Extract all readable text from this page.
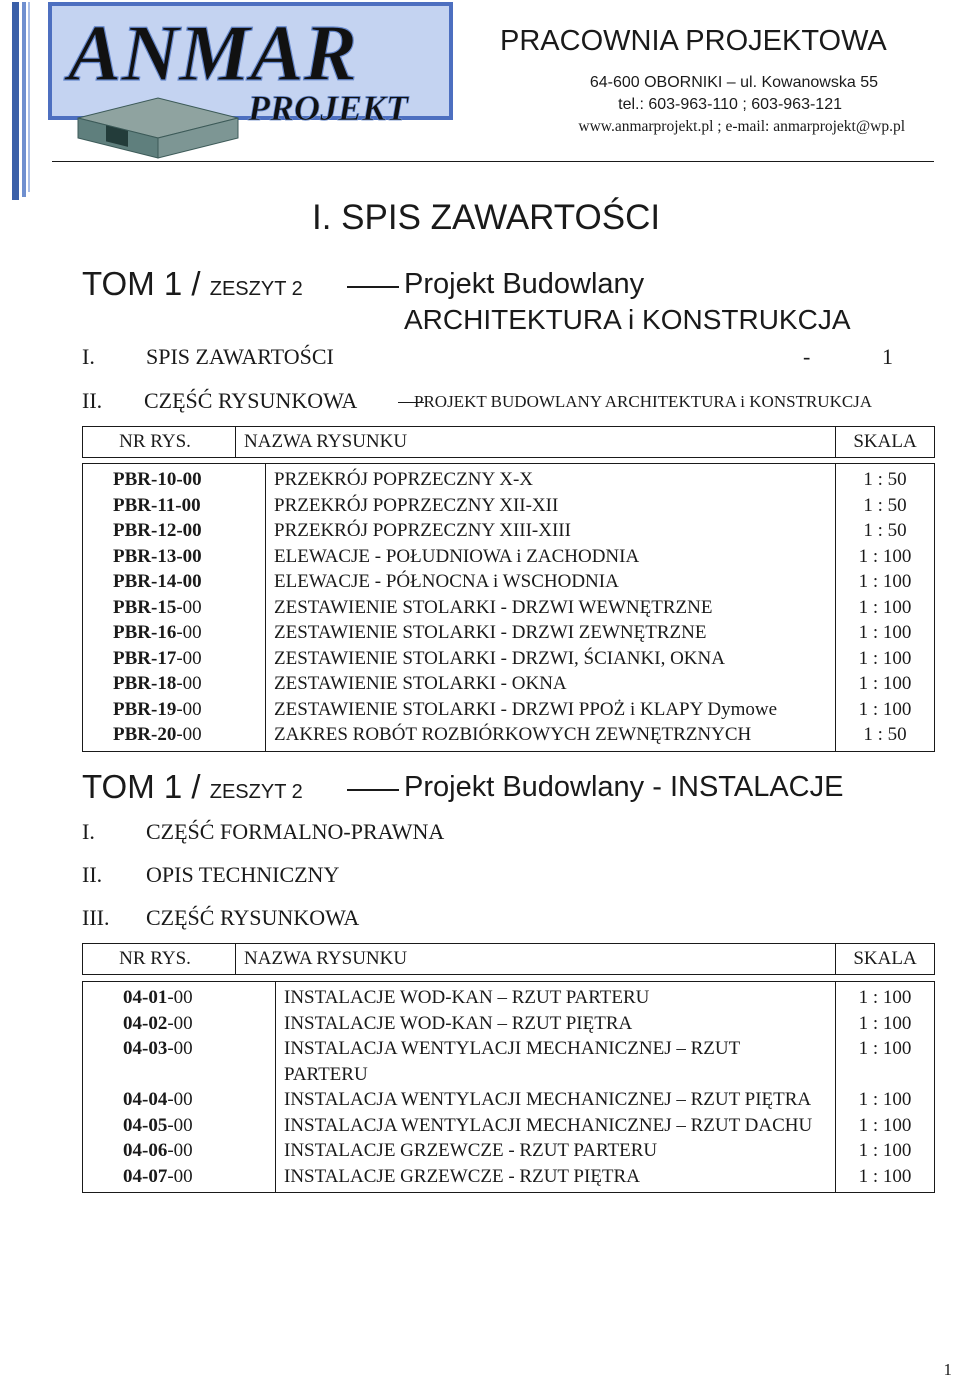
ANMAR
PROJEKT
PRACOWNIA PROJEKTOWA
64-600 OBORNIKI – ul. Kowanowska 55
tel.: 603-963-110 ; 603-963-121
www.anmarprojekt.pl ; e-mail: anmarprojekt@wp.pl
I. SPIS ZAWARTOŚCI
TOM 1 / ZESZYT 2	Projekt Budowlany
ARCHITEKTURA i KONSTRUKCJA
I. SPIS ZAWARTOŚCI	-	1
II. CZĘŚĆ RYSUNKOWA	PROJEKT BUDOWLANY ARCHITEKTURA i KONSTRUKCJA
NR RYS.	NAZWA RYSUNKU	SKALA
PBR-10-00	PRZEKRÓJ POPRZECZNY X-X	1 : 50
PBR-11-00	PRZEKRÓJ POPRZECZNY XII-XII	1 : 50
PBR-12-00	PRZEKRÓJ POPRZECZNY XIII-XIII	1 : 50
PBR-13-00	ELEWACJE - POŁUDNIOWA i ZACHODNIA	1 : 100
PBR-14-00	ELEWACJE - PÓŁNOCNA i WSCHODNIA	1 : 100
PBR-15-00	ZESTAWIENIE STOLARKI - DRZWI WEWNĘTRZNE	1 : 100
PBR-16-00	ZESTAWIENIE STOLARKI - DRZWI ZEWNĘTRZNE	1 : 100
PBR-17-00	ZESTAWIENIE STOLARKI - DRZWI, ŚCIANKI, OKNA	1 : 100
PBR-18-00	ZESTAWIENIE STOLARKI - OKNA	1 : 100
PBR-19-00	ZESTAWIENIE STOLARKI - DRZWI PPOŻ i KLAPY Dymowe	1 : 100
PBR-20-00	ZAKRES ROBÓT ROZBIÓRKOWYCH ZEWNĘTRZNYCH	1 : 50
TOM 1 / ZESZYT 2	Projekt Budowlany - INSTALACJE
I. CZĘŚĆ FORMALNO-PRAWNA
II. OPIS TECHNICZNY
III. CZĘŚĆ RYSUNKOWA
NR RYS.	NAZWA RYSUNKU	SKALA
04-01-00	INSTALACJE WOD-KAN – RZUT PARTERU	1 : 100
04-02-00	INSTALACJE WOD-KAN – RZUT PIĘTRA	1 : 100
04-03-00	INSTALACJA WENTYLACJI MECHANICZNEJ – RZUT PARTERU	1 : 100
04-04-00	INSTALACJA WENTYLACJI MECHANICZNEJ – RZUT PIĘTRA	1 : 100
04-05-00	INSTALACJA WENTYLACJI MECHANICZNEJ – RZUT DACHU	1 : 100
04-06-00	INSTALACJE GRZEWCZE - RZUT PARTERU	1 : 100
04-07-00	INSTALACJE GRZEWCZE - RZUT PIĘTRA	1 : 100
1
